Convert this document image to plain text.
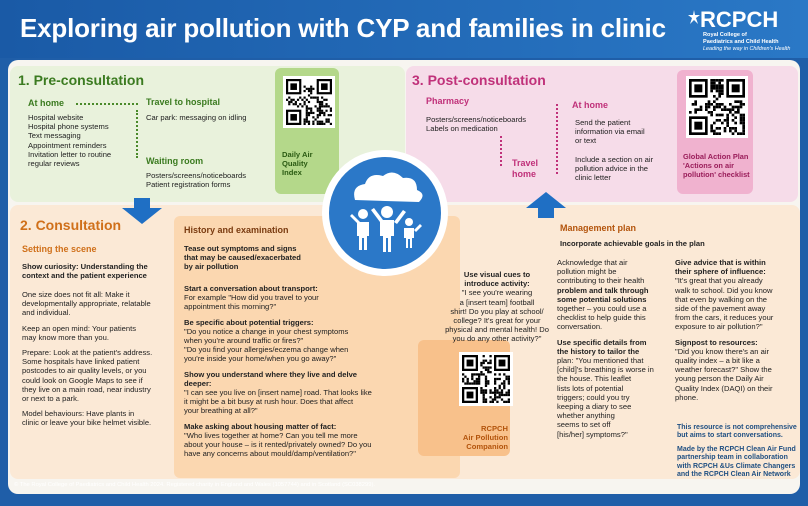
Exploring air pollution with CYP and families in clinic RCPCH
Royal College of
Paediatrics and Child Health
Leading the way in Children's Health
1. Pre-consultation
At home	Travel to hospital
Car park: messaging on idling
Hospital website
Hospital phone systems
Text messaging
Appointment reminders
Invitation letter to routine
regular reviews	Waiting room
Posters/screens/noticeboards
Patient registration forms
Daily Air
Quality
Index
3. Post-consultation
Pharmacy
Posters/screens/noticeboards
Labels on medication
Travel
home
At home
Send the patient
information via email
or text
Include a section on air
pollution advice in the
clinic letter
Global Action Plan
'Actions on air
pollution' checklist
2. Consultation
Setting the scene
Show curiosity: Understanding the
context and the patient experience
One size does not fit all: Make it
developmentally appropriate, relatable
and individual.
Keep an open mind: Your patients
may know more than you.
Prepare: Look at the patient's address.
Some hospitals have linked patient
postcodes to air quality levels, or you
could look on Google Maps to see if
they live on a main road, near industry
or next to a park.
Model behaviours: Have plants in
clinic or leave your bike helmet visible.
History and examination
Tease out symptoms and signs
that may be caused/exacerbated
by air pollution
Start a conversation about transport:
For example "How did you travel to your
appointment this morning?"
Be specific about potential triggers:
"Do you notice a change in your chest symptoms
when you're around traffic or fires?"
"Do you find your allergies/eczema change when
you're inside your home/when you go away?"
Show you understand where they live and delve
deeper:
"I can see you live on [insert name] road. That looks like
it might be a bit busy at rush hour. Does that affect
your breathing at all?"
Make asking about housing matter of fact:
"Who lives together at home? Can you tell me more
about your house – is it rented/privately owned? Do you
have any concerns about mould/damp/ventilation?"
Use visual cues to
introduce activity:
"I see you're wearing
a [insert team] football
shirt! Do you play at school/
college? It's great for your
physical and mental health! Do
you do any other activity?"
RCPCH
Air Pollution
Companion
Management plan
Incorporate achievable goals in the plan
Acknowledge that air
pollution might be
contributing to their health
problem and talk through
some potential solutions
together – you could use a
checklist to help guide this
conversation.
Use specific details from
the history to tailor the
plan: "You mentioned that
[child]'s breathing is worse in
the house. This leaflet
lists lots of potential
triggers; could you try
keeping a diary to see
whether anything
seems to set off
[his/her] symptoms?"
Give advice that is within
their sphere of influence:
"It's great that you already
walk to school. Did you know
that even by walking on the
side of the pavement away
from the cars, it reduces your
exposure to air pollution?"
Signpost to resources:
"Did you know there's an air
quality index – a bit like a
weather forecast?" Show the
young person the Daily Air
Quality Index (DAQI) on their
phone.
This resource is not comprehensive
but aims to start conversations.
Made by the RCPCH Clean Air Fund
partnership team in collaboration
with RCPCH &Us Climate Changers
and the RCPCH Clean Air Network
© The Royal College of Paediatrics and Child Health 2024. Registered charity in England and Wales (1057744) and in Scotland (SC038299).
